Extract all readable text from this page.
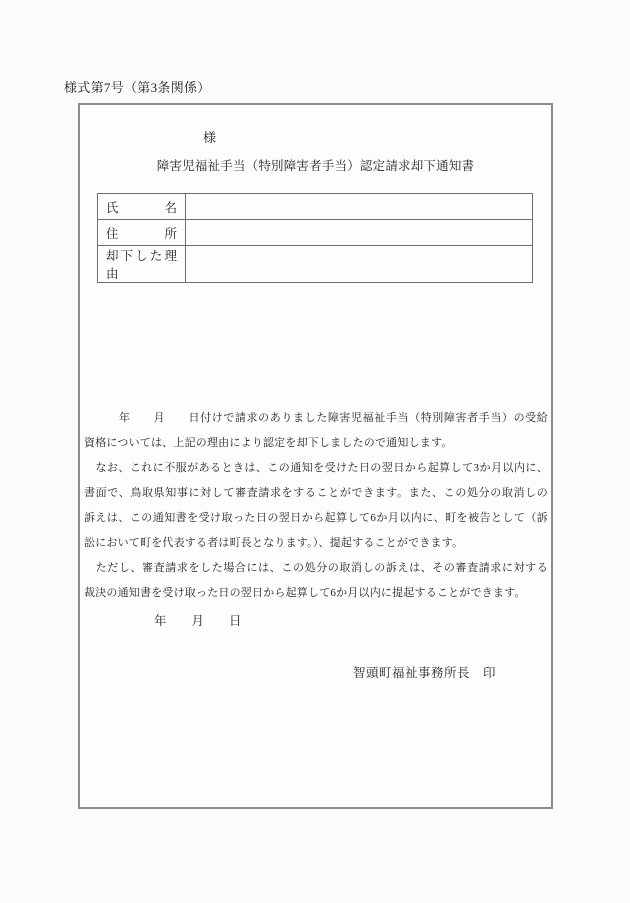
様式第7号（第3条関係）
様
障害児福祉手当（特別障害者手当）認定請求却下通知書
氏名	
住所	
却下した理由	
　　　年　　月　　日付けで請求のありました障害児福祉手当（特別障害者手当）の受給
資格については、上記の理由により認定を却下しましたので通知します。
　なお、これに不服があるときは、この通知を受けた日の翌日から起算して3か月以内に、
書面で、鳥取県知事に対して審査請求をすることができます。また、この処分の取消しの
訴えは、この通知書を受け取った日の翌日から起算して6か月以内に、町を被告として（訴
訟において町を代表する者は町長となります。）、提起することができます。
　ただし、審査請求をした場合には、この処分の取消しの訴えは、その審査請求に対する
裁決の通知書を受け取った日の翌日から起算して6か月以内に提起することができます。
年　　月　　日
智頭町福祉事務所長　印
